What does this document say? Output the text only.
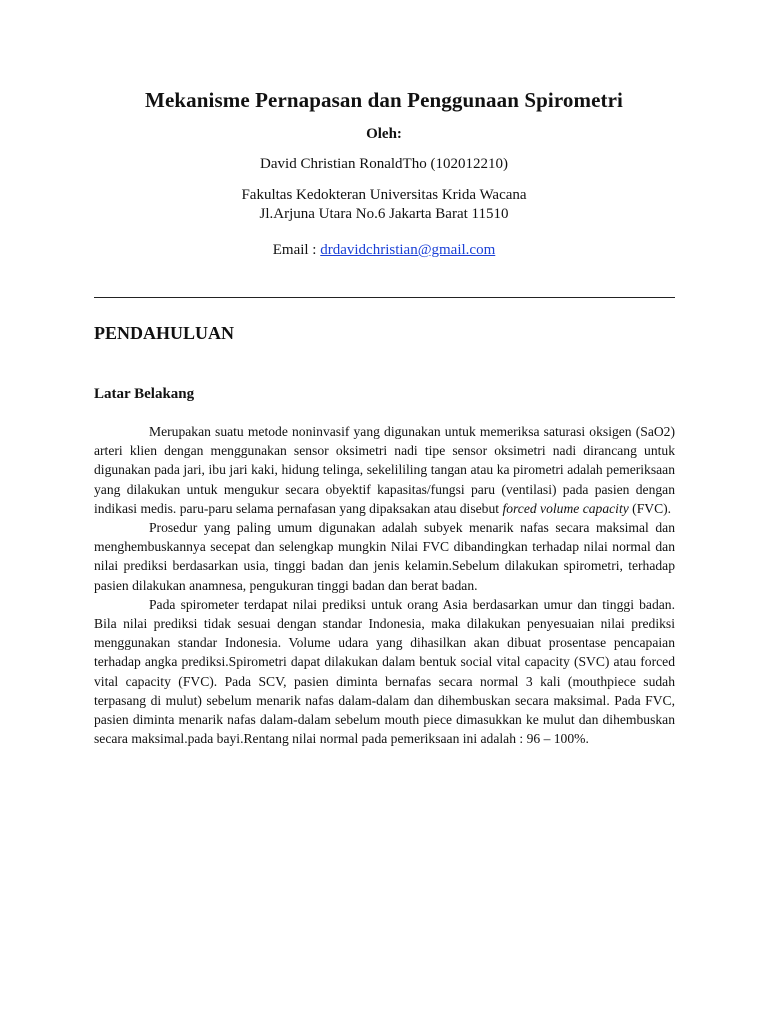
Mekanisme Pernapasan dan Penggunaan Spirometri
Oleh:
David Christian RonaldTho (102012210)
Fakultas Kedokteran Universitas Krida Wacana
Jl.Arjuna Utara No.6 Jakarta Barat 11510
Email : drdavidchristian@gmail.com
PENDAHULUAN
Latar Belakang

Merupakan suatu metode noninvasif yang digunakan untuk memeriksa saturasi oksigen (SaO2) arteri klien dengan menggunakan sensor oksimetri nadi tipe sensor oksimetri nadi dirancang untuk digunakan pada jari, ibu jari kaki, hidung telinga, sekelililing tangan atau ka pirometri adalah pemeriksaan yang dilakukan untuk mengukur secara obyektif kapasitas/fungsi paru (ventilasi) pada pasien dengan indikasi medis. paru-paru selama pernafasan yang dipaksakan atau disebut forced volume capacity (FVC).

Prosedur yang paling umum digunakan adalah subyek menarik nafas secara maksimal dan menghembuskannya secepat dan selengkap mungkin Nilai FVC dibandingkan terhadap nilai normal dan nilai prediksi berdasarkan usia, tinggi badan dan jenis kelamin.Sebelum dilakukan spirometri, terhadap pasien dilakukan anamnesa, pengukuran tinggi badan dan berat badan.

Pada spirometer terdapat nilai prediksi untuk orang Asia berdasarkan umur dan tinggi badan. Bila nilai prediksi tidak sesuai dengan standar Indonesia, maka dilakukan penyesuaian nilai prediksi menggunakan standar Indonesia. Volume udara yang dihasilkan akan dibuat prosentase pencapaian terhadap angka prediksi.Spirometri dapat dilakukan dalam bentuk social vital capacity (SVC) atau forced vital capacity (FVC). Pada SCV, pasien diminta bernafas secara normal 3 kali (mouthpiece sudah terpasang di mulut) sebelum menarik nafas dalam-dalam dan dihembuskan secara maksimal. Pada FVC, pasien diminta menarik nafas dalam-dalam sebelum mouth piece dimasukkan ke mulut dan dihembuskan secara maksimal.pada bayi.Rentang nilai normal pada pemeriksaan ini adalah : 96 – 100%.
